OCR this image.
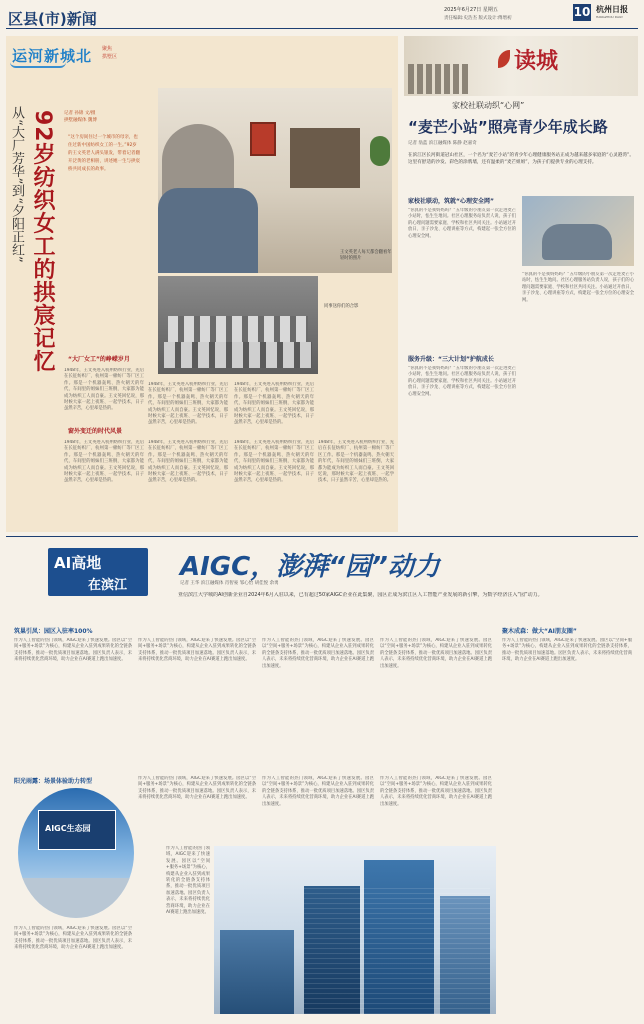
区县(市)新闻	2025年6月27日 星期五
责任编辑:史浩杰 版式设计:傅增初	10 杭州日报
HANGZHOU DAILY
运河新城北 聚焦
拱墅区
从“大厂芳华”到“夕阳正红” 92岁纺织女工的拱宸记忆 记者 孙锦 文/摄
拱墅融媒体 魏博
“这个房间住过一个城市的母亲，也住过新中国纺织女工的一生。”92岁的王文英老人满头银发，带着记者翻开泛黄的老相册，讲述她一生与拱宸桥共同成长的故事。
王文英老人每天都会翻看年轻时的照片
同事送你们的合影
“大厂女工”的峥嵘岁月
窗外变迁的时代风景
1948年，王文英进入杭州纺织行业，先后在长征纺织厂、杭州第一棉纺厂等厂区工作。那是一个机器轰鸣、热火朝天的年代，车间里的姐妹们三班倒，大家都为能成为纺织工人而自豪。王文英回忆说，那时候大家一起上夜班、一起学技术，日子虽然辛苦，心里却是热的。
1948年，王文英进入杭州纺织行业，先后在长征纺织厂、杭州第一棉纺厂等厂区工作。那是一个机器轰鸣、热火朝天的年代，车间里的姐妹们三班倒，大家都为能成为纺织工人而自豪。王文英回忆说，那时候大家一起上夜班、一起学技术，日子虽然辛苦，心里却是热的。
1948年，王文英进入杭州纺织行业，先后在长征纺织厂、杭州第一棉纺厂等厂区工作。那是一个机器轰鸣、热火朝天的年代，车间里的姐妹们三班倒，大家都为能成为纺织工人而自豪。王文英回忆说，那时候大家一起上夜班、一起学技术，日子虽然辛苦，心里却是热的。
1948年，王文英进入杭州纺织行业，先后在长征纺织厂、杭州第一棉纺厂等厂区工作。那是一个机器轰鸣、热火朝天的年代，车间里的姐妹们三班倒，大家都为能成为纺织工人而自豪。王文英回忆说，那时候大家一起上夜班、一起学技术，日子虽然辛苦，心里却是热的。
1948年，王文英进入杭州纺织行业，先后在长征纺织厂、杭州第一棉纺厂等厂区工作。那是一个机器轰鸣、热火朝天的年代，车间里的姐妹们三班倒，大家都为能成为纺织工人而自豪。王文英回忆说，那时候大家一起上夜班、一起学技术，日子虽然辛苦，心里却是热的。
1948年，王文英进入杭州纺织行业，先后在长征纺织厂、杭州第一棉纺厂等厂区工作。那是一个机器轰鸣、热火朝天的年代，车间里的姐妹们三班倒，大家都为能成为纺织工人而自豪。王文英回忆说，那时候大家一起上夜班、一起学技术，日子虽然辛苦，心里却是热的。
1948年，王文英进入杭州纺织行业，先后在长征纺织厂、杭州第一棉纺厂等厂区工作。那是一个机器轰鸣、热火朝天的年代，车间里的姐妹们三班倒，大家都为能成为纺织工人而自豪。王文英回忆说，那时候大家一起上夜班、一起学技术，日子虽然辛苦，心里却是热的。
读城
家校社联动织“心网”
“麦芒小站”照亮青少年成长路
记者 翁蓝 滨江融媒体 陈静 赵嘉奇
在滨江区长河街道冠山社区，一个名为“麦芒小站”的青少年心理健康服务站正成为越来越多家庭的“心灵港湾”。这里有舒适的沙发、彩色的涂鸦墙，还有温柔的“麦芒姐姐”，为孩子们提供专业的心理支持。
家校社联动，筑就“心理安全网”
“你真的不是我妈妈吗？”五年级的小朋友第一次走进麦芒小站时，怯生生地问。社区心理服务站负责人说，孩子们的心理问题需要家庭、学校和社区共同关注。小站通过开放日、亲子沙龙、心理讲座等方式，构建起一张全方位的心理安全网。
“你真的不是我妈妈吗？”五年级的小朋友第一次走进麦芒小站时，怯生生地问。社区心理服务站负责人说，孩子们的心理问题需要家庭、学校和社区共同关注。小站通过开放日、亲子沙龙、心理讲座等方式，构建起一张全方位的心理安全网。
服务升级：“三大计划”护航成长
“你真的不是我妈妈吗？”五年级的小朋友第一次走进麦芒小站时，怯生生地问。社区心理服务站负责人说，孩子们的心理问题需要家庭、学校和社区共同关注。小站通过开放日、亲子沙龙、心理讲座等方式，构建起一张全方位的心理安全网。
AI高地
在滨江
AIGC，澎湃“园”动力
记者 王华 滨江融媒体 肖智豪 邹心怡 胡佳悦 余勇
亚信滨江大学城的AI创新企业自2024年6月入驻以来，已有超过50家AIGC企业在此集聚，园区正成为滨江区人工智能产业发展的新引擎，为数字经济注入“园”动力。
筑巢引凤：园区入驻率100%
作为人工智能的热门领域，AIGC迎来了快速发展。园区以“空间+服务+场景”为核心，构建从企业入驻到成果转化的全链条支持体系，推动一批优质项目加速落地。园区负责人表示，未来将持续优化营商环境，助力企业在AI赛道上跑出加速度。
作为人工智能的热门领域，AIGC迎来了快速发展。园区以“空间+服务+场景”为核心，构建从企业入驻到成果转化的全链条支持体系，推动一批优质项目加速落地。园区负责人表示，未来将持续优化营商环境，助力企业在AI赛道上跑出加速度。
作为人工智能的热门领域，AIGC迎来了快速发展。园区以“空间+服务+场景”为核心，构建从企业入驻到成果转化的全链条支持体系，推动一批优质项目加速落地。园区负责人表示，未来将持续优化营商环境，助力企业在AI赛道上跑出加速度。
作为人工智能的热门领域，AIGC迎来了快速发展。园区以“空间+服务+场景”为核心，构建从企业入驻到成果转化的全链条支持体系，推动一批优质项目加速落地。园区负责人表示，未来将持续优化营商环境，助力企业在AI赛道上跑出加速度。
聚木成森：做大“AI朋友圈”
作为人工智能的热门领域，AIGC迎来了快速发展。园区以“空间+服务+场景”为核心，构建从企业入驻到成果转化的全链条支持体系，推动一批优质项目加速落地。园区负责人表示，未来将持续优化营商环境，助力企业在AI赛道上跑出加速度。
阳光雨露：场景体验助力转型
AIGC生态园
作为人工智能的热门领域，AIGC迎来了快速发展。园区以“空间+服务+场景”为核心，构建从企业入驻到成果转化的全链条支持体系，推动一批优质项目加速落地。园区负责人表示，未来将持续优化营商环境，助力企业在AI赛道上跑出加速度。
作为人工智能的热门领域，AIGC迎来了快速发展。园区以“空间+服务+场景”为核心，构建从企业入驻到成果转化的全链条支持体系，推动一批优质项目加速落地。园区负责人表示，未来将持续优化营商环境，助力企业在AI赛道上跑出加速度。
作为人工智能的热门领域，AIGC迎来了快速发展。园区以“空间+服务+场景”为核心，构建从企业入驻到成果转化的全链条支持体系，推动一批优质项目加速落地。园区负责人表示，未来将持续优化营商环境，助力企业在AI赛道上跑出加速度。
作为人工智能的热门领域，AIGC迎来了快速发展。园区以“空间+服务+场景”为核心，构建从企业入驻到成果转化的全链条支持体系，推动一批优质项目加速落地。园区负责人表示，未来将持续优化营商环境，助力企业在AI赛道上跑出加速度。
作为人工智能的热门领域，AIGC迎来了快速发展。园区以“空间+服务+场景”为核心，构建从企业入驻到成果转化的全链条支持体系，推动一批优质项目加速落地。园区负责人表示，未来将持续优化营商环境，助力企业在AI赛道上跑出加速度。
